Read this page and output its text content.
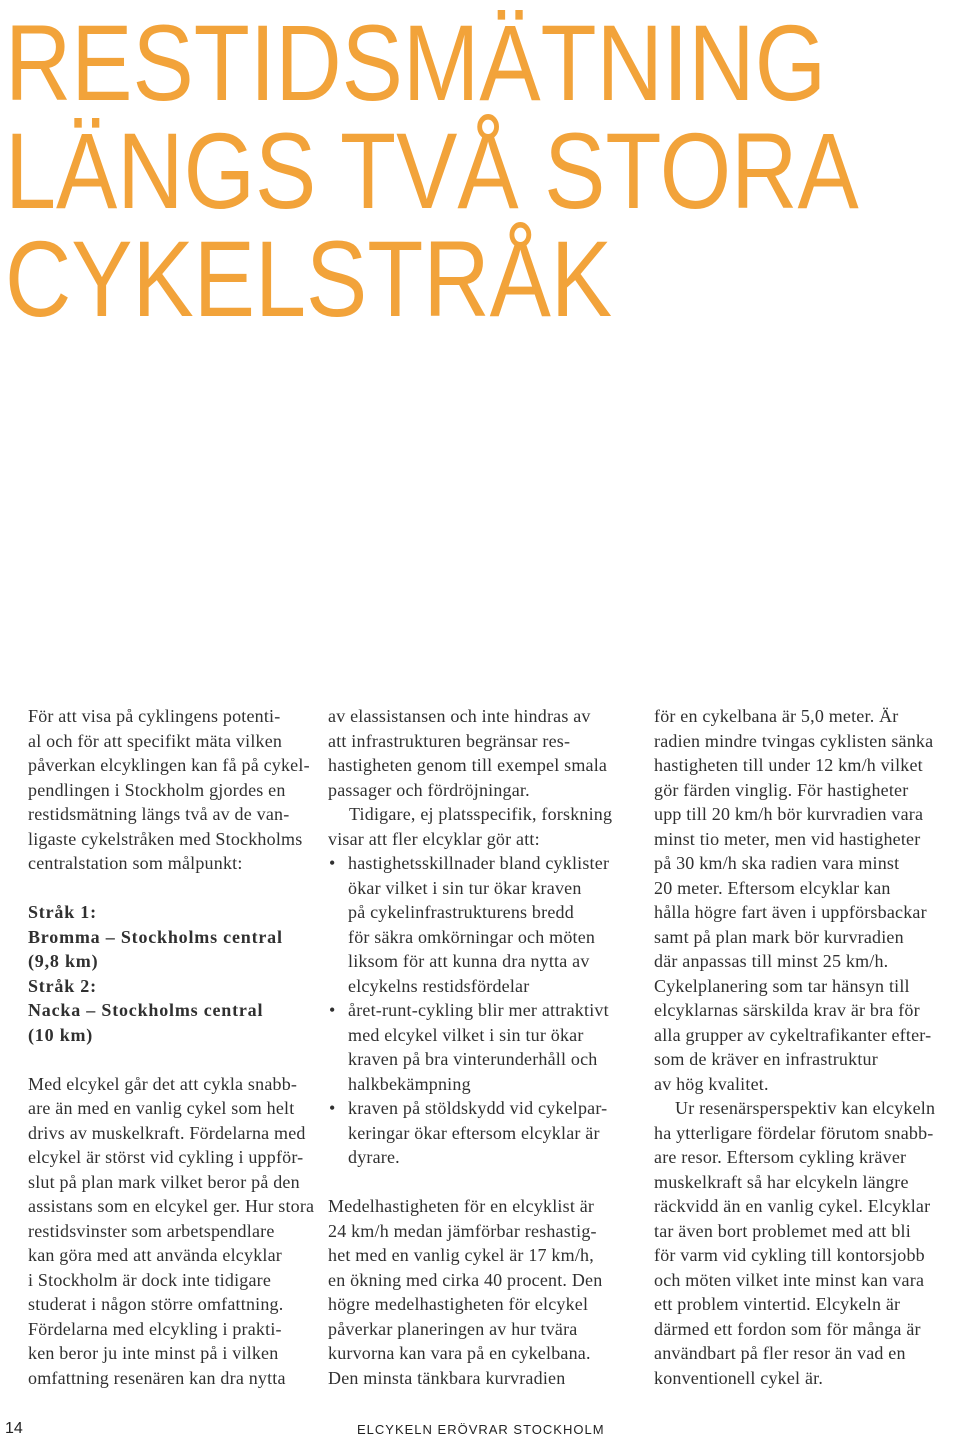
RESTIDSMÄTNING
LÄNGS TVÅ STORA
CYKELSTRÅK
För att visa på cyklingens potenti-
al och för att specifikt mäta vilken
påverkan elcyklingen kan få på cykel-
pendlingen i Stockholm gjordes en
restidsmätning längs två av de van-
ligaste cykelstråken med Stockholms
centralstation som målpunkt:
Stråk 1:
Bromma – Stockholms central
(9,8 km)
Stråk 2:
Nacka – Stockholms central
(10 km)
Med elcykel går det att cykla snabb-
are än med en vanlig cykel som helt
drivs av muskelkraft. Fördelarna med
elcykel är störst vid cykling i uppför-
slut på plan mark vilket beror på den
assistans som en elcykel ger. Hur stora
restidsvinster som arbetspendlare
kan göra med att använda elcyklar
i Stockholm är dock inte tidigare
studerat i någon större omfattning.
Fördelarna med elcykling i prakti-
ken beror ju inte minst på i vilken
omfattning resenären kan dra nytta
av elassistansen och inte hindras av
att infrastrukturen begränsar res-
hastigheten genom till exempel smala
passager och fördröjningar.
Tidigare, ej platsspecifik, forskning
visar att fler elcyklar gör att:
• hastighetsskillnader bland cyklister
ökar vilket i sin tur ökar kraven
på cykelinfrastrukturens bredd
för säkra omkörningar och möten
liksom för att kunna dra nytta av
elcykelns restidsfördelar
• året-runt-cykling blir mer attraktivt
med elcykel vilket i sin tur ökar
kraven på bra vinterunderhåll och
halkbekämpning
• kraven på stöldskydd vid cykelpar-
keringar ökar eftersom elcyklar är
dyrare.
Medelhastigheten för en elcyklist är
24 km/h medan jämförbar reshastig-
het med en vanlig cykel är 17 km/h,
en ökning med cirka 40 procent. Den
högre medelhastigheten för elcykel
påverkar planeringen av hur tvära
kurvorna kan vara på en cykelbana.
Den minsta tänkbara kurvradien
för en cykelbana är 5,0 meter. Är
radien mindre tvingas cyklisten sänka
hastigheten till under 12 km/h vilket
gör färden vinglig. För hastigheter
upp till 20 km/h bör kurvradien vara
minst tio meter, men vid hastigheter
på 30 km/h ska radien vara minst
20 meter. Eftersom elcyklar kan
hålla högre fart även i uppförsbackar
samt på plan mark bör kurvradien
där anpassas till minst 25 km/h.
Cykelplanering som tar hänsyn till
elcyklarnas särskilda krav är bra för
alla grupper av cykeltrafikanter efter-
som de kräver en infrastruktur
av hög kvalitet.
Ur resenärsperspektiv kan elcykeln
ha ytterligare fördelar förutom snabb-
are resor. Eftersom cykling kräver
muskelkraft så har elcykeln längre
räckvidd än en vanlig cykel. Elcyklar
tar även bort problemet med att bli
för varm vid cykling till kontorsjobb
och möten vilket inte minst kan vara
ett problem vintertid. Elcykeln är
därmed ett fordon som för många är
användbart på fler resor än vad en
konventionell cykel är.
14	ELCYKELN ERÖVRAR STOCKHOLM
